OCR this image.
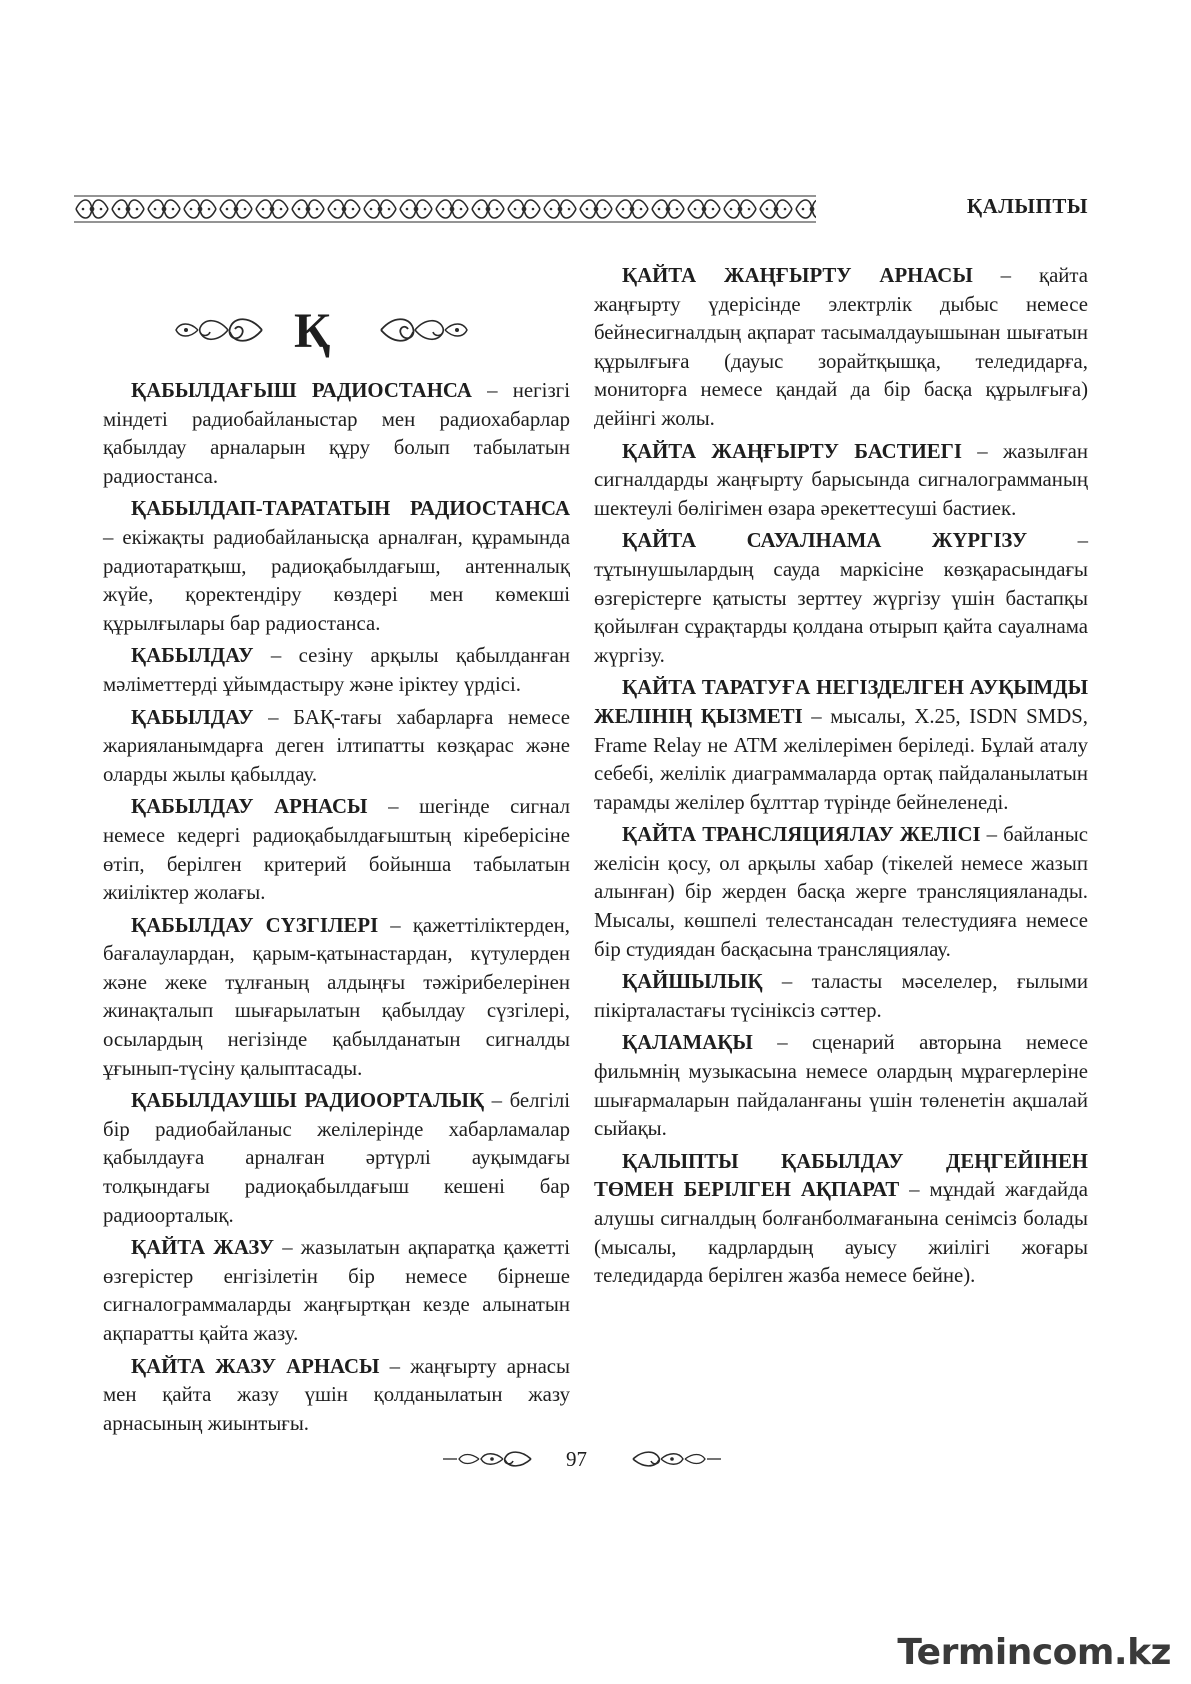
ҚАЛЫПТЫ
Қ

ҚАБЫЛДАҒЫШ РАДИОСТАНСА – негізгі міндеті радиобайланыстар мен радиохабарлар қабылдау арналарын құру болып табылатын радиостанса.

ҚАБЫЛДАП-ТАРАТАТЫН РАДИОСТАНСА – екіжақты радиобайланысқа арналған, құрамында радиотаратқыш, радиоқабылдағыш, антенналық жүйе, қоректендіру көздері мен көмекші құрылғылары бар радиостанса.

ҚАБЫЛДАУ – сезіну арқылы қабылданған мәліметтерді ұйымдастыру және іріктеу үрдісі.

ҚАБЫЛДАУ – БАҚ-тағы хабарларға немесе жарияланымдарға деген ілтипатты көзқарас және оларды жылы қабылдау.

ҚАБЫЛДАУ АРНАСЫ – шегінде сигнал немесе кедергі радиоқабылдағыштың кіреберісіне өтіп, берілген критерий бойынша табылатын жиіліктер жолағы.

ҚАБЫЛДАУ СҮЗГІЛЕРІ – қажеттіліктерден, бағалаулардан, қарым-қатынастардан, күтулерден және жеке тұлғаның алдыңғы тәжірибелерінен жинақталып шығарылатын қабылдау сүзгілері, осылардың негізінде қабылданатын сигналды ұғынып-түсіну қалыптасады.

ҚАБЫЛДАУШЫ РАДИООРТАЛЫҚ – белгілі бір радиобайланыс желілерінде хабарламалар қабылдауға арналған әртүрлі ауқымдағы толқындағы радиоқабылдағыш кешені бар радиоорталық.

ҚАЙТА ЖАЗУ – жазылатын ақпаратқа қажетті өзгерістер енгізілетін бір немесе бірнеше сигналограммаларды жаңғыртқан кезде алынатын ақпаратты қайта жазу.

ҚАЙТА ЖАЗУ АРНАСЫ – жаңғырту арнасы мен қайта жазу үшін қолданылатын жазу арнасының жиынтығы.

ҚАЙТА ЖАҢҒЫРТУ АРНАСЫ – қайта жаңғырту үдерісінде электрлік дыбыс немесе бейнесигналдың ақпарат тасымалдауышынан шығатын құрылғыға (дауыс зорайтқышқа, теледидарға, мониторға немесе қандай да бір басқа құрылғыға) дейінгі жолы.

ҚАЙТА ЖАҢҒЫРТУ БАСТИЕГІ – жазылған сигналдарды жаңғырту барысында сигналограмманың шектеулі бөлігімен өзара әрекеттесуші бастиек.

ҚАЙТА САУАЛНАМА ЖҮРГІЗУ – тұтынушылардың сауда маркісіне көзқарасындағы өзгерістерге қатысты зерттеу жүргізу үшін бастапқы қойылған сұрақтарды қолдана отырып қайта сауалнама жүргізу.

ҚАЙТА ТАРАТУҒА НЕГІЗДЕЛГЕН АУҚЫМДЫ ЖЕЛІНІҢ ҚЫЗМЕТІ – мысалы, Х.25, ISDN SMDS, Frame Relay не АТМ желілерімен беріледі. Бұлай аталу себебі, желілік диаграммаларда ортақ пайдаланылатын тарамды желілер бұлттар түрінде бейнеленеді.

ҚАЙТА ТРАНСЛЯЦИЯЛАУ ЖЕЛІСІ – байланыс желісін қосу, ол арқылы хабар (тікелей немесе жазып алынған) бір жерден басқа жерге трансляцияланады. Мысалы, көшпелі телестансадан телестудияға немесе бір студиядан басқасына трансляциялау.

ҚАЙШЫЛЫҚ – таласты мәселелер, ғылыми пікірталастағы түсініксіз сәттер.

ҚАЛАМАҚЫ – сценарий авторына немесе фильмнің музыкасына немесе олардың мұрагерлеріне шығармаларын пайдаланғаны үшін төленетін ақшалай сыйақы.

ҚАЛЫПТЫ ҚАБЫЛДАУ ДЕҢГЕЙІНЕН ТӨМЕН БЕРІЛГЕН АҚПАРАТ – мұндай жағдайда алушы сигналдың болғанболмағанына сенімсіз болады (мысалы, кадрлардың ауысу жиілігі жоғары теледидарда берілген жазба немесе бейне).

97
Termincom.kz
